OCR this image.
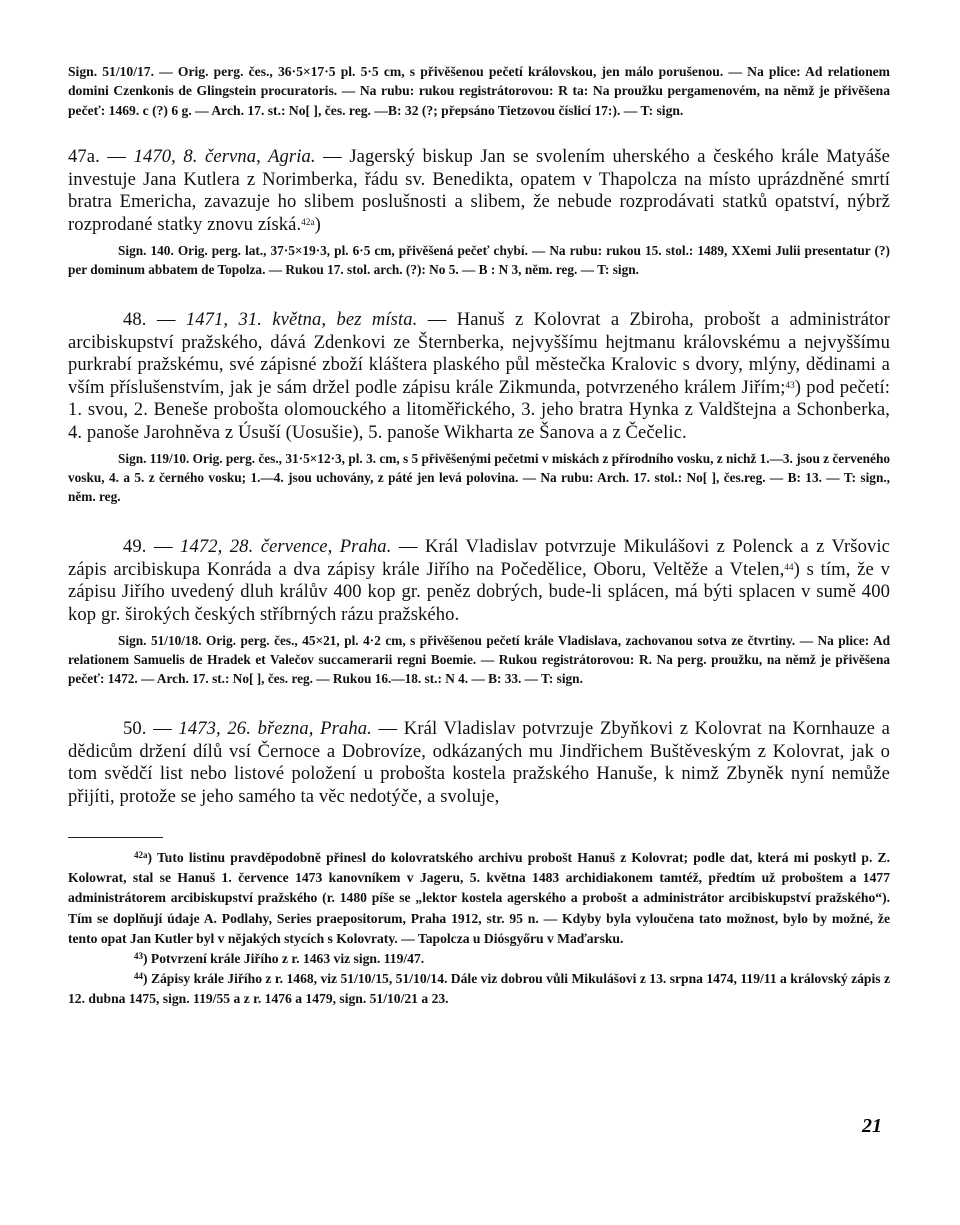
Sign. 51/10/17. — Orig. perg. čes., 36·5×17·5 pl. 5·5 cm, s přivěšenou pečetí královskou, jen málo porušenou. — Na plice: Ad relationem domini Czenkonis de Glingstein procuratoris. — Na rubu: rukou registrátorovou: R ta: Na proužku pergamenovém, na němž je přivěšena pečeť: 1469. c (?) 6 g. — Arch. 17. st.: No[ ], čes. reg. —B: 32 (?; přepsáno Tietzovou číslicí 17:). — T: sign.

47a. — 1470, 8. června, Agria. — Jagerský biskup Jan se svolením uherského a českého krále Matyáše investuje Jana Kutlera z Norimberka, řádu sv. Benedikta, opatem v Thapolcza na místo uprázdněné smrtí bratra Emericha, zavazuje ho slibem poslušnosti a slibem, že nebude rozprodávati statků opatství, nýbrž rozprodané statky znovu získá.$^{42a}$)

Sign. 140. Orig. perg. lat., 37·5×19·3, pl. 6·5 cm, přivěšená pečeť chybí. — Na rubu: rukou 15. stol.: 1489, XXemi Julii presentatur (?) per dominum abbatem de Topolza. — Rukou 17. stol. arch. (?): No 5. — B : N 3, něm. reg. — T: sign.

48. — 1471, 31. května, bez místa. — Hanuš z Kolovrat a Zbiroha, probošt a administrátor arcibiskupství pražského, dává Zdenkovi ze Šternberka, nejvyššímu hejtmanu královskému a nejvyššímu purkrabí pražskému, své zápisné zboží kláštera plaského půl městečka Kralovic s dvory, mlýny, dědinami a vším příslušenstvím, jak je sám držel podle zápisu krále Zikmunda, potvrzeného králem Jiřím;$^{43}$) pod pečetí: 1. svou, 2. Beneše probošta olomouckého a litoměřického, 3. jeho bratra Hynka z Valdštejna a Schonberka, 4. panoše Jarohněva z Úsuší (Uosušie), 5. panoše Wikharta ze Šanova a z Čečelic.

Sign. 119/10. Orig. perg. čes., 31·5×12·3, pl. 3. cm, s 5 přivěšenými pečetmi v miskách z přírodního vosku, z nichž 1.—3. jsou z červeného vosku, 4. a 5. z černého vosku; 1.—4. jsou uchovány, z páté jen levá polovina. — Na rubu: Arch. 17. stol.: No[ ], čes.reg. — B: 13. — T: sign., něm. reg.

49. — 1472, 28. července, Praha. — Král Vladislav potvrzuje Mikulášovi z Polenck a z Vršovic zápis arcibiskupa Konráda a dva zápisy krále Jiřího na Počedělice, Oboru, Veltěže a Vtelen,$^{44}$) s tím, že v zápisu Jiřího uvedený dluh králův 400 kop gr. peněz dobrých, bude-li splácen, má býti splacen v sumě 400 kop gr. širokých českých stříbrných rázu pražského.

Sign. 51/10/18. Orig. perg. čes., 45×21, pl. 4·2 cm, s přivěšenou pečetí krále Vladislava, zachovanou sotva ze čtvrtiny. — Na plice: Ad relationem Samuelis de Hradek et Valečov succamerarii regni Boemie. — Rukou registrátorovou: R. Na perg. proužku, na němž je přivěšena pečeť: 1472. — Arch. 17. st.: No[ ], čes. reg. — Rukou 16.—18. st.: N 4. — B: 33. — T: sign.

50. — 1473, 26. března, Praha. — Král Vladislav potvrzuje Zbyňkovi z Kolovrat na Kornhauze a dědicům držení dílů vsí Černoce a Dobrovíze, odkázaných mu Jindřichem Buštěveským z Kolovrat, jak o tom svědčí list nebo listové položení u probošta kostela pražského Hanuše, k nimž Zbyněk nyní nemůže přijíti, protože se jeho samého ta věc nedotýče, a svoluje,

$^{42a}$) Tuto listinu pravděpodobně přinesl do kolovratského archivu probošt Hanuš z Kolovrat; podle dat, která mi poskytl p. Z. Kolowrat, stal se Hanuš 1. července 1473 kanovníkem v Jageru, 5. května 1483 archidiakonem tamtéž, předtím už proboštem a 1477 administrátorem arcibiskupství pražského (r. 1480 píše se „lektor kostela agerského a probošt a administrátor arcibiskupství pražského“). Tím se doplňují údaje A. Podlahy, Series praepositorum, Praha 1912, str. 95 n. — Kdyby byla vyloučena tato možnost, bylo by možné, že tento opat Jan Kutler byl v nějakých stycích s Kolovraty. — Tapolcza u Diósgyőru v Maďarsku.

$^{43}$) Potvrzení krále Jiřího z r. 1463 viz sign. 119/47.

$^{44}$) Zápisy krále Jiřího z r. 1468, viz 51/10/15, 51/10/14. Dále viz dobrou vůli Mikulášovi z 13. srpna 1474, 119/11 a královský zápis z 12. dubna 1475, sign. 119/55 a z r. 1476 a 1479, sign. 51/10/21 a 23.

21
